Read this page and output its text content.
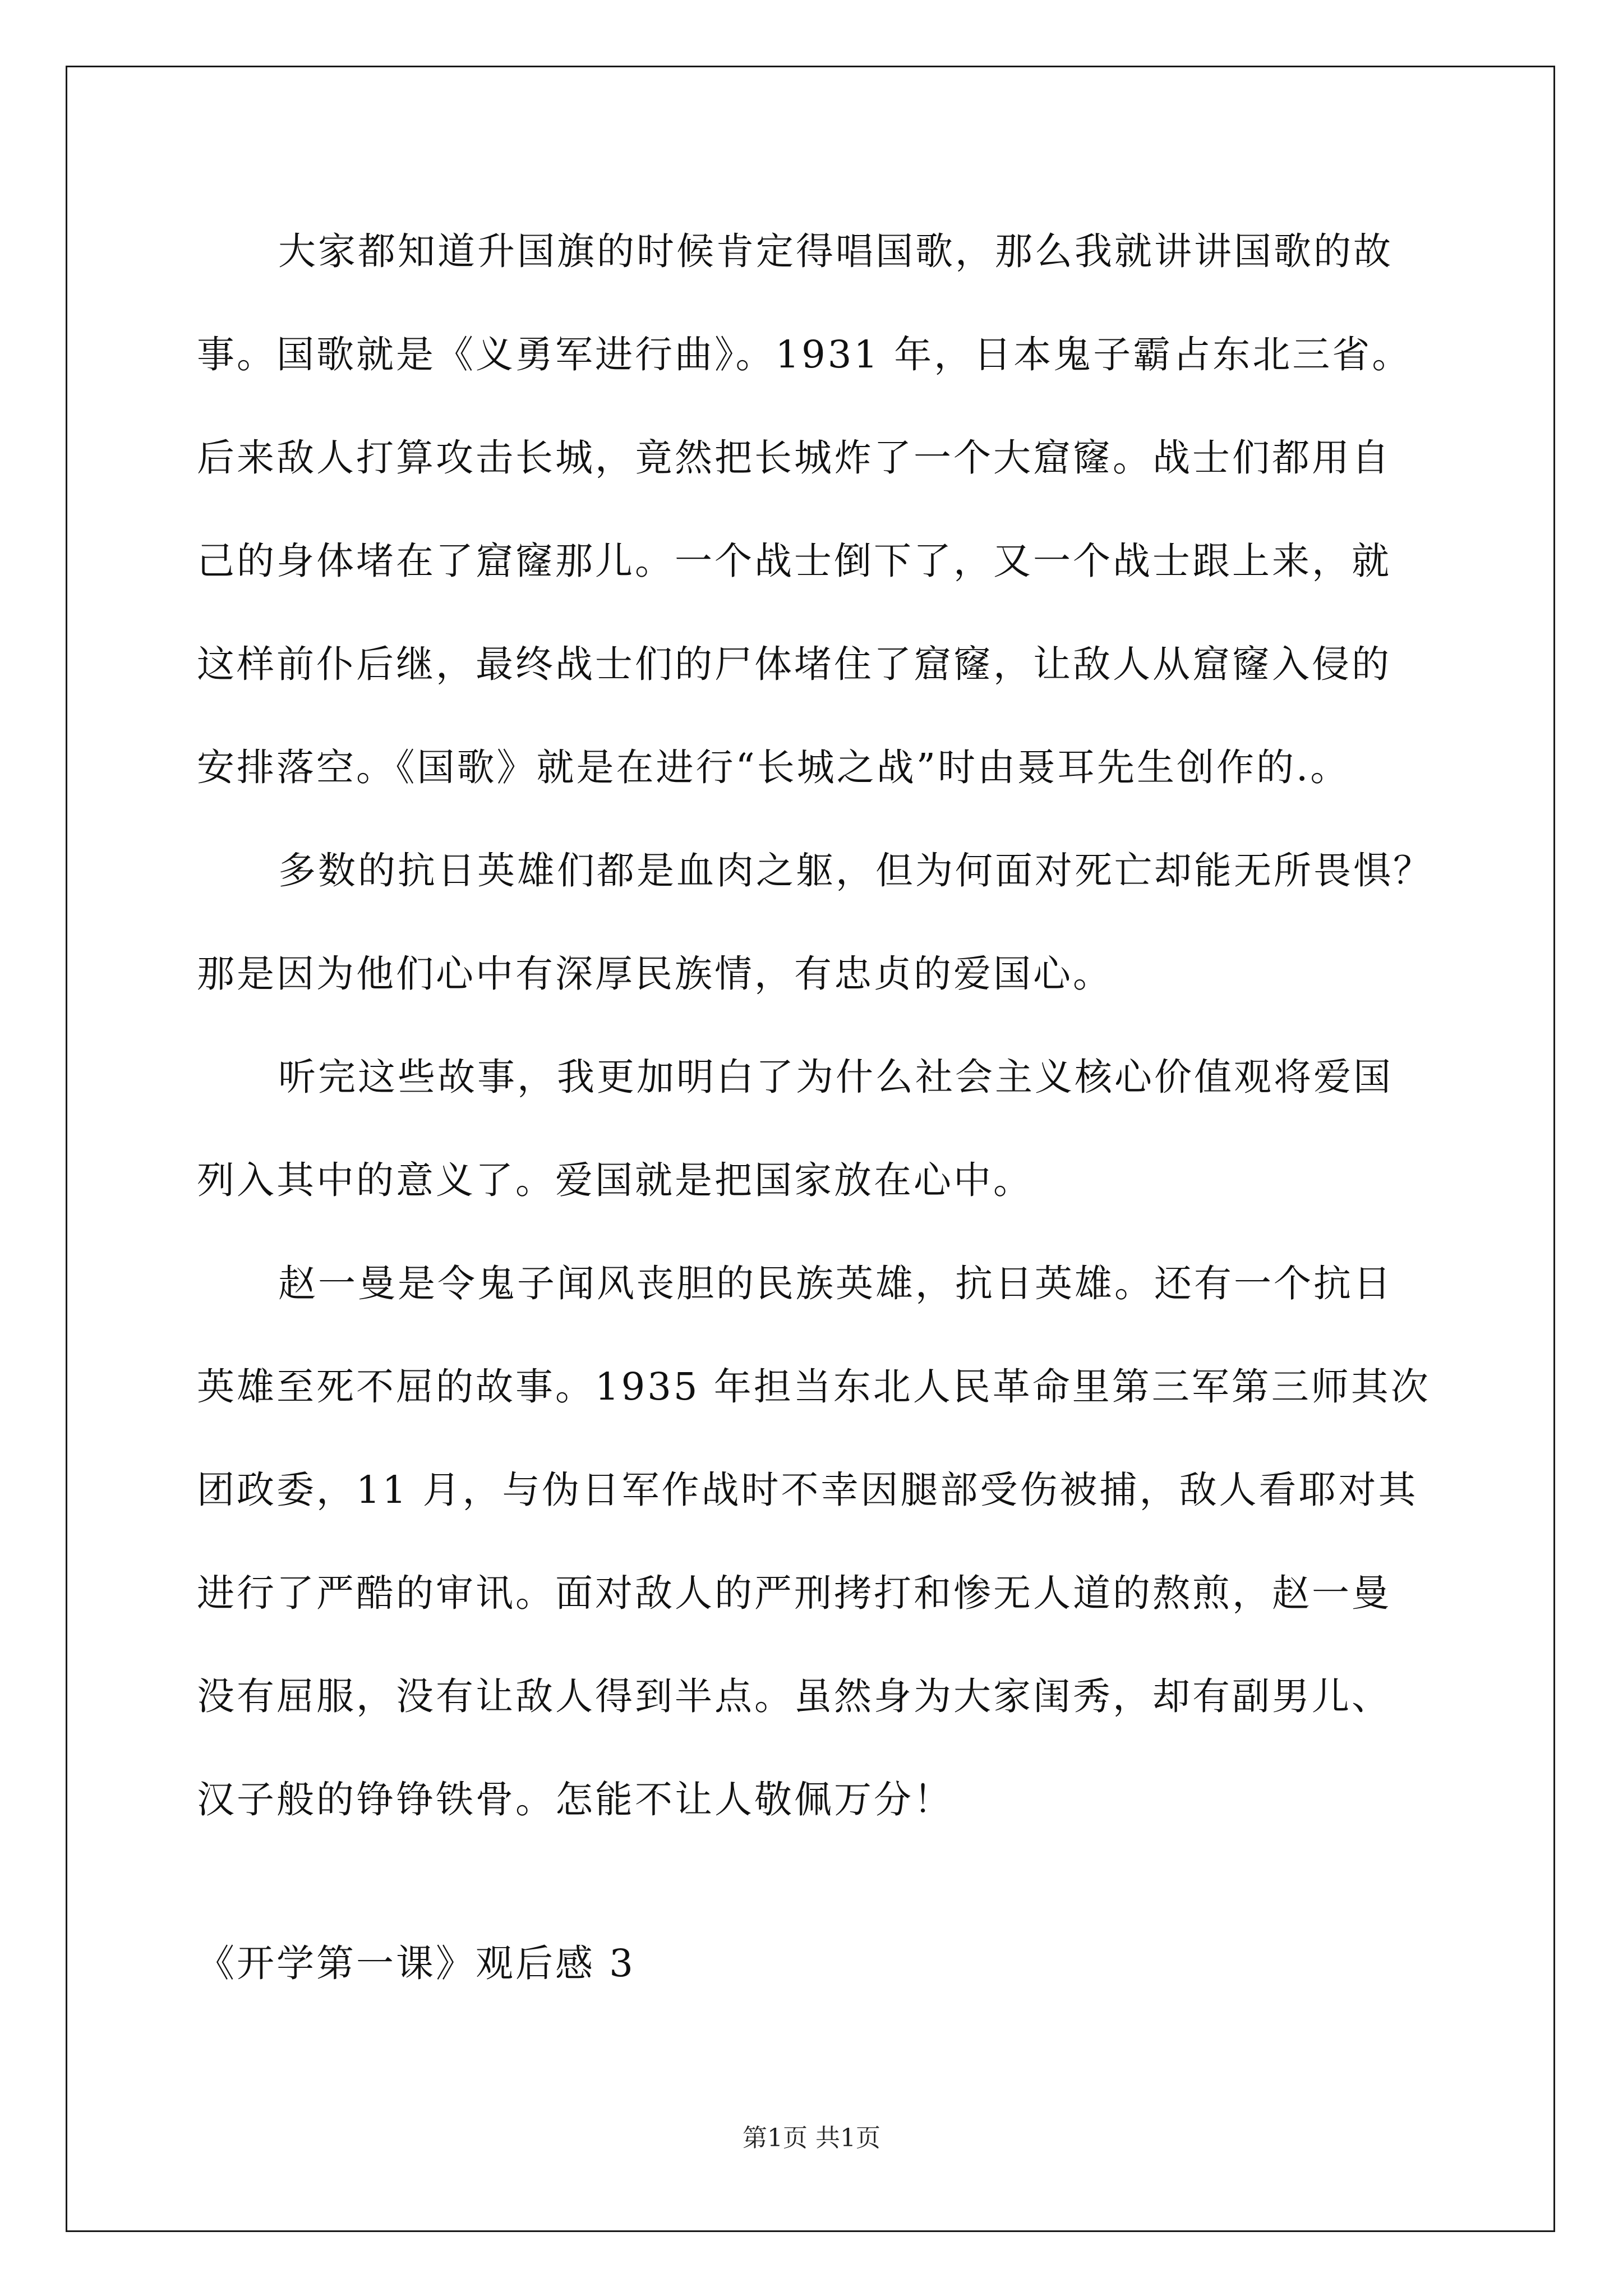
大家都知道升国旗的时候肯定得唱国歌，那么我就讲讲国歌的故
事。国歌就是《义勇军进行曲》。1931 年，日本鬼子霸占东北三省。
后来敌人打算攻击长城，竟然把长城炸了一个大窟窿。战士们都用自
己的身体堵在了窟窿那儿。一个战士倒下了，又一个战士跟上来，就
这样前仆后继，最终战士们的尸体堵住了窟窿，让敌人从窟窿入侵的
安排落空。《国歌》就是在进行“长城之战”时由聂耳先生创作的.。
多数的抗日英雄们都是血肉之躯，但为何面对死亡却能无所畏惧？
那是因为他们心中有深厚民族情，有忠贞的爱国心。
听完这些故事，我更加明白了为什么社会主义核心价值观将爱国
列入其中的意义了。爱国就是把国家放在心中。
赵一曼是令鬼子闻风丧胆的民族英雄，抗日英雄。还有一个抗日
英雄至死不屈的故事。1935 年担当东北人民革命里第三军第三师其次
团政委，11 月，与伪日军作战时不幸因腿部受伤被捕，敌人看耶对其
进行了严酷的审讯。面对敌人的严刑拷打和惨无人道的熬煎，赵一曼
没有屈服，没有让敌人得到半点。虽然身为大家闺秀，却有副男儿、
汉子般的铮铮铁骨。怎能不让人敬佩万分！
《开学第一课》观后感 3
第1页 共1页
